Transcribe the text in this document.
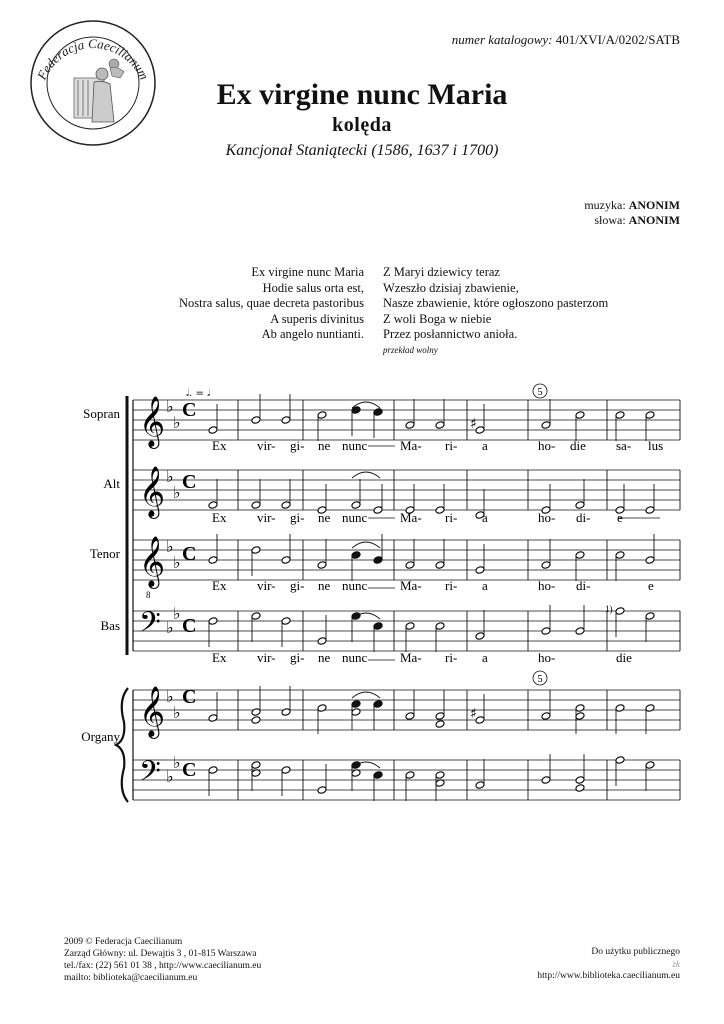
numer katalogowy: 401/XVI/A/0202/SATB
Federacja Caecilianum
Ex virgine nunc Maria
kolęda
Kancjonał Staniątecki (1586, 1637 i 1700)
muzyka: ANONIM
słowa: ANONIM
Ex virgine nunc Maria
Hodie salus orta est,
Nostra salus, quae decreta pastoribus
A superis divinitus
Ab angelo nuntianti.
Z Maryi dziewicy teraz
Wzeszło dzisiaj zbawienie,
Nasze zbawienie, które ogłoszono pasterzom
Z woli Boga w niebie
Przez posłannictwo anioła.
przekład wolny
𝄞 ♭
♭
𝄞 ♭
♭
𝄞
8
♭
♭
𝄢 ♭
♭
𝄞 ♭
♭
𝄢 ♭
♭
♯
♯
Sopran
Alt
Tenor
Bas
Organy
𝅗𝅥. = 𝅗𝅥	5
5
1)
C
C
C
C
C
C
Ex vir- gi- ne nunc	Ma- ri- a	ho- die sa- lus
Ex vir- gi- ne nunc	Ma- ri- a	ho- di- e
Ex vir- gi- ne nunc	Ma- ri- a	ho- di-	e
Ex vir- gi- ne nunc	Ma- ri- a	ho-	die
2009 © Federacja Caecilianum
Zarząd Główny: ul. Dewajtis 3 , 01-815 Warszawa
tel./fax: (22) 561 01 38 , http://www.caecilianum.eu
mailto: biblioteka@caecilianum.eu
Do użytku publicznego
zk
http://www.biblioteka.caecilianum.eu
